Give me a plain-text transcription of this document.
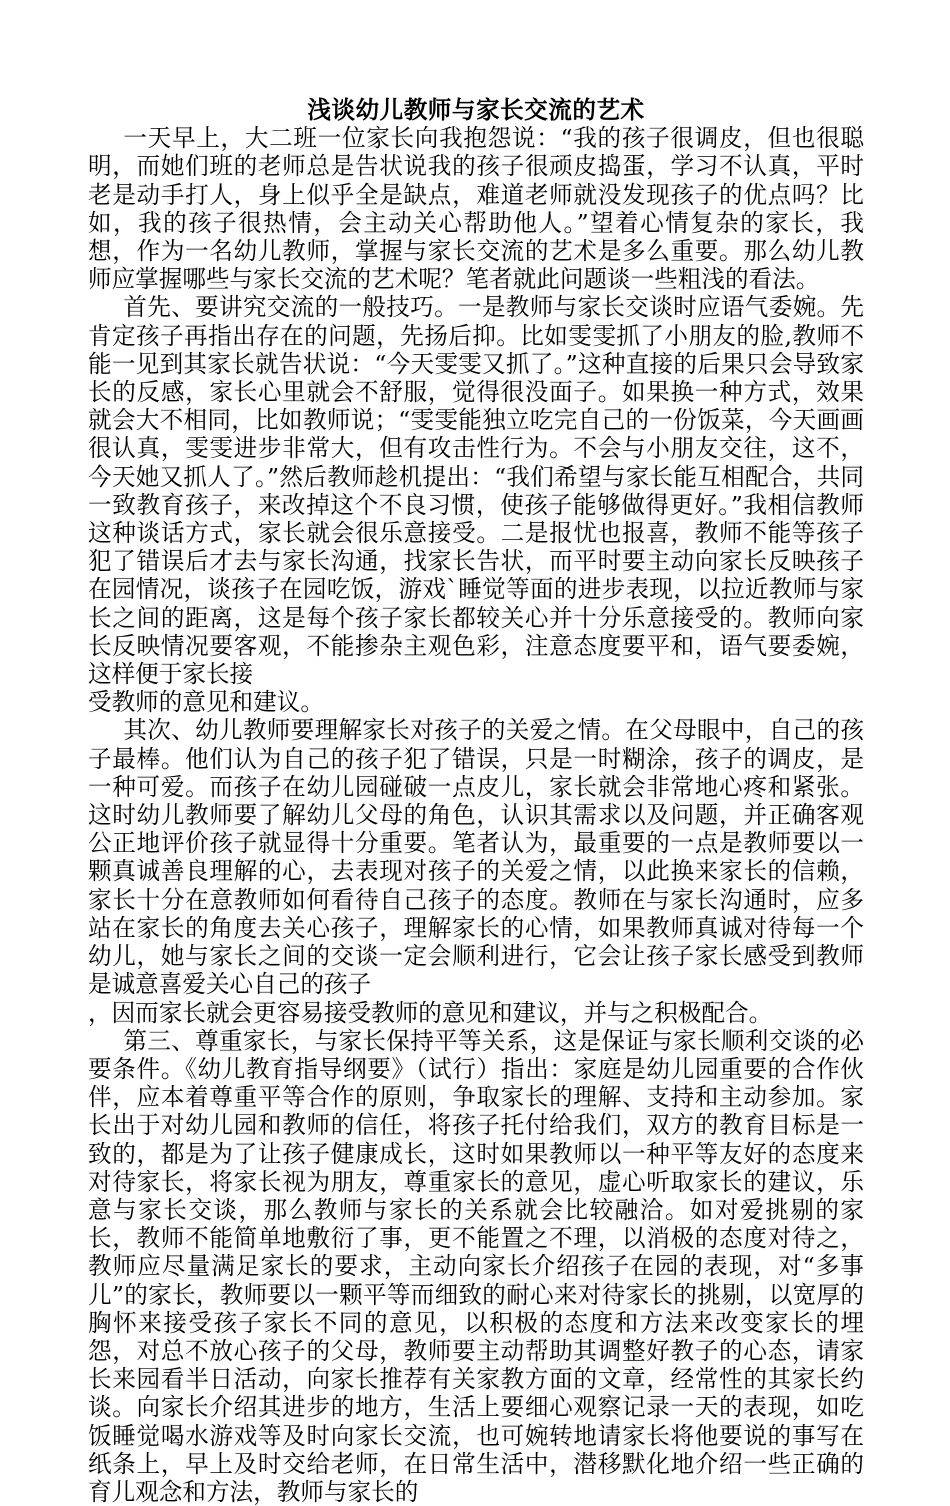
浅谈幼儿教师与家长交流的艺术

一天早上，大二班一位家长向我抱怨说：“我的孩子很调皮，但也很聪明，而她们班的老师总是告状说我的孩子很顽皮捣蛋，学习不认真，平时老是动手打人，身上似乎全是缺点，难道老师就没发现孩子的优点吗？比如，我的孩子很热情，会主动关心帮助他人。”望着心情复杂的家长，我想，作为一名幼儿教师，掌握与家长交流的艺术是多么重要。那么幼儿教师应掌握哪些与家长交流的艺术呢？笔者就此问题谈一些粗浅的看法。

首先、要讲究交流的一般技巧。一是教师与家长交谈时应语气委婉。先肯定孩子再指出存在的问题，先扬后抑。比如雯雯抓了小朋友的脸,教师不能一见到其家长就告状说：“今天雯雯又抓了。”这种直接的后果只会导致家长的反感，家长心里就会不舒服，觉得很没面子。如果换一种方式，效果就会大不相同，比如教师说；“雯雯能独立吃完自己的一份饭菜，今天画画很认真，雯雯进步非常大，但有攻击性行为。不会与小朋友交往，这不，今天她又抓人了。”然后教师趁机提出：“我们希望与家长能互相配合，共同一致教育孩子，来改掉这个不良习惯，使孩子能够做得更好。”我相信教师这种谈话方式，家长就会很乐意接受。二是报忧也报喜，教师不能等孩子犯了错误后才去与家长沟通，找家长告状，而平时要主动向家长反映孩子在园情况，谈孩子在园吃饭，游戏`睡觉等面的进步表现，以拉近教师与家长之间的距离，这是每个孩子家长都较关心并十分乐意接受的。教师向家长反映情况要客观，不能掺杂主观色彩，注意态度要平和，语气要委婉，这样便于家长接

受教师的意见和建议。

其次、幼儿教师要理解家长对孩子的关爱之情。在父母眼中，自己的孩子最棒。他们认为自己的孩子犯了错误，只是一时糊涂，孩子的调皮，是一种可爱。而孩子在幼儿园碰破一点皮儿，家长就会非常地心疼和紧张。这时幼儿教师要了解幼儿父母的角色，认识其需求以及问题，并正确客观公正地评价孩子就显得十分重要。笔者认为，最重要的一点是教师要以一颗真诚善良理解的心，去表现对孩子的关爱之情，以此换来家长的信赖，家长十分在意教师如何看待自己孩子的态度。教师在与家长沟通时，应多站在家长的角度去关心孩子，理解家长的心情，如果教师真诚对待每一个幼儿，她与家长之间的交谈一定会顺利进行，它会让孩子家长感受到教师是诚意喜爱关心自己的孩子

，因而家长就会更容易接受教师的意见和建议，并与之积极配合。

第三、尊重家长，与家长保持平等关系，这是保证与家长顺利交谈的必要条件。《幼儿教育指导纲要》（试行）指出：家庭是幼儿园重要的合作伙伴，应本着尊重平等合作的原则，争取家长的理解、支持和主动参加。家长出于对幼儿园和教师的信任，将孩子托付给我们，双方的教育目标是一致的，都是为了让孩子健康成长，这时如果教师以一种平等友好的态度来对待家长，将家长视为朋友，尊重家长的意见，虚心听取家长的建议，乐意与家长交谈，那么教师与家长的关系就会比较融洽。如对爱挑剔的家长，教师不能简单地敷衍了事，更不能置之不理，以消极的态度对待之，教师应尽量满足家长的要求，主动向家长介绍孩子在园的表现，对“多事儿”的家长，教师要以一颗平等而细致的耐心来对待家长的挑剔，以宽厚的胸怀来接受孩子家长不同的意见，以积极的态度和方法来改变家长的埋怨，对总不放心孩子的父母，教师要主动帮助其调整好教子的心态，请家长来园看半日活动，向家长推荐有关家教方面的文章，经常性的其家长约谈。向家长介绍其进步的地方，生活上要细心观察记录一天的表现，如吃饭睡觉喝水游戏等及时向家长交流，也可婉转地请家长将他要说的事写在纸条上，早上及时交给老师，在日常生活中，潜移默化地介绍一些正确的育儿观念和方法，教师与家长的
